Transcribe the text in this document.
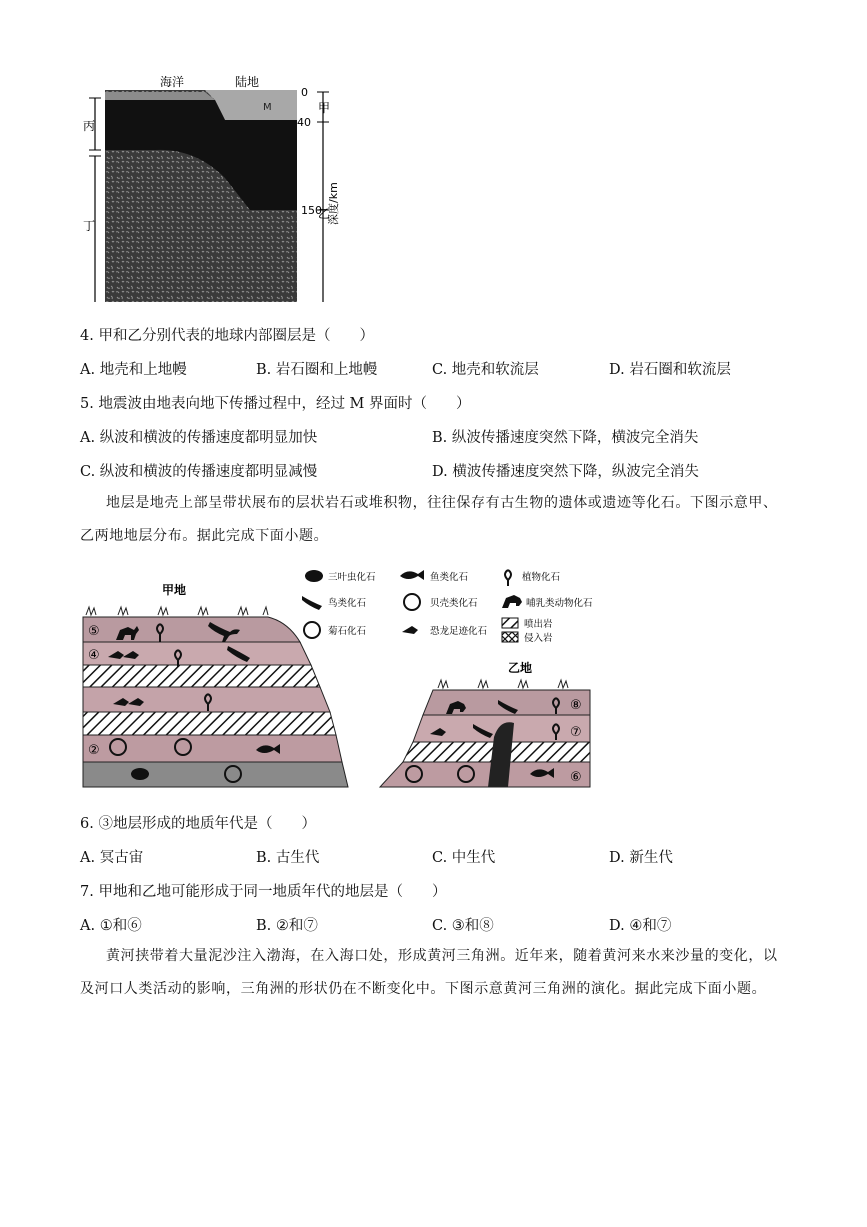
海洋	陆地
M
丙
丁
0
40
150
甲
乙
深度/km
4. 甲和乙分别代表的地球内部圈层是（　　）
A. 地壳和上地幔	B. 岩石圈和上地幔	C. 地壳和软流层	D. 岩石圈和软流层
5. 地震波由地表向地下传播过程中，经过 M 界面时（　　）
A. 纵波和横波的传播速度都明显加快	B. 纵波传播速度突然下降，横波完全消失
C. 纵波和横波的传播速度都明显减慢	D. 横波传播速度突然下降，纵波完全消失
地层是地壳上部呈带状展布的层状岩石或堆积物，往往保存有古生物的遗体或遗迹等化石。下图示意甲、乙两地地层分布。据此完成下面小题。
甲地
⑤
④
②
三叶虫化石	鱼类化石	植物化石
鸟类化石	贝壳类化石	哺乳类动物化石
菊石化石	恐龙足迹化石
喷出岩
侵入岩
乙地
⑧
⑦
⑥
6. ③地层形成的地质年代是（　　）
A. 冥古宙	B. 古生代	C. 中生代	D. 新生代
7. 甲地和乙地可能形成于同一地质年代的地层是（　　）
A. ①和⑥	B. ②和⑦	C. ③和⑧	D. ④和⑦
黄河挟带着大量泥沙注入渤海，在入海口处，形成黄河三角洲。近年来，随着黄河来水来沙量的变化，以及河口人类活动的影响，三角洲的形状仍在不断变化中。下图示意黄河三角洲的演化。据此完成下面小题。
